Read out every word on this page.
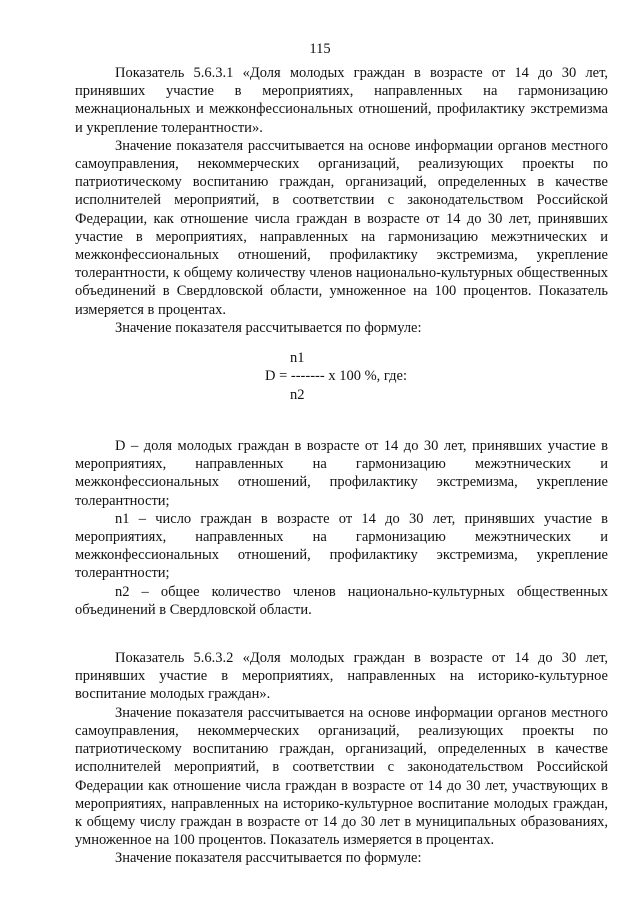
115

Показатель 5.6.3.1 «Доля молодых граждан в возрасте от 14 до 30 лет, принявших участие в мероприятиях, направленных на гармонизацию межнациональных и межконфессиональных отношений, профилактику экстремизма и укрепление толерантности».

Значение показателя рассчитывается на основе информации органов местного самоуправления, некоммерческих организаций, реализующих проекты по патриотическому воспитанию граждан, организаций, определенных в качестве исполнителей мероприятий, в соответствии с законодательством Российской Федерации, как отношение числа граждан в возрасте от 14 до 30 лет, принявших участие в мероприятиях, направленных на гармонизацию межэтнических и межконфессиональных отношений, профилактику экстремизма, укрепление толерантности, к общему количеству членов национально-культурных общественных объединений в Свердловской области, умноженное на 100 процентов. Показатель измеряется в процентах.

Значение показателя рассчитывается по формуле:

n1
D = ------- х 100 %, где:
n2

D – доля молодых граждан в возрасте от 14 до 30 лет, принявших участие в мероприятиях, направленных на гармонизацию межэтнических и межконфессиональных отношений, профилактику экстремизма, укрепление толерантности;

n1 – число граждан в возрасте от 14 до 30 лет, принявших участие в мероприятиях, направленных на гармонизацию межэтнических и межконфессиональных отношений, профилактику экстремизма, укрепление толерантности;

n2 – общее количество членов национально-культурных общественных объединений в Свердловской области.

Показатель 5.6.3.2 «Доля молодых граждан в возрасте от 14 до 30 лет, принявших участие в мероприятиях, направленных на историко-культурное воспитание молодых граждан».

Значение показателя рассчитывается на основе информации органов местного самоуправления, некоммерческих организаций, реализующих проекты по патриотическому воспитанию граждан, организаций, определенных в качестве исполнителей мероприятий, в соответствии с законодательством Российской Федерации как отношение числа граждан в возрасте от 14 до 30 лет, участвующих в мероприятиях, направленных на историко-культурное воспитание молодых граждан, к общему числу граждан в возрасте от 14 до 30 лет в муниципальных образованиях, умноженное на 100 процентов. Показатель измеряется в процентах.

Значение показателя рассчитывается по формуле:
